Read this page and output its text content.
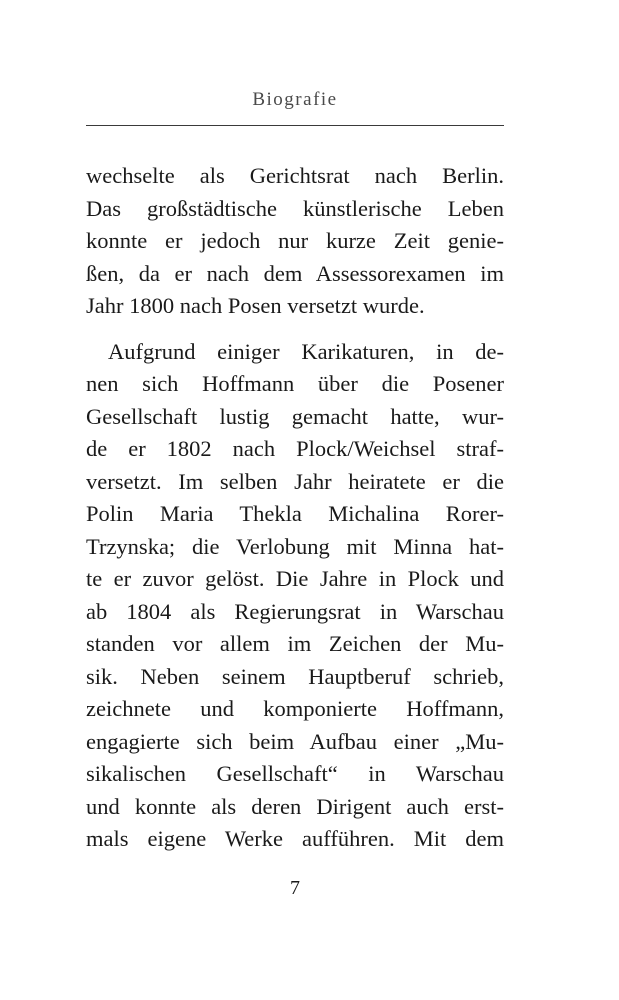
Biografie

wechselte als Gerichtsrat nach Berlin.
Das großstädtische künstlerische Leben
konnte er jedoch nur kurze Zeit genie-
ßen, da er nach dem Assessorexamen im
Jahr 1800 nach Posen versetzt wurde.

Aufgrund einiger Karikaturen, in de-
nen sich Hoffmann über die Posener
Gesellschaft lustig gemacht hatte, wur-
de er 1802 nach Plock/Weichsel straf-
versetzt. Im selben Jahr heiratete er die
Polin Maria Thekla Michalina Rorer-
Trzynska; die Verlobung mit Minna hat-
te er zuvor gelöst. Die Jahre in Plock und
ab 1804 als Regierungsrat in Warschau
standen vor allem im Zeichen der Mu-
sik. Neben seinem Hauptberuf schrieb,
zeichnete und komponierte Hoffmann,
engagierte sich beim Aufbau einer „Mu-
sikalischen Gesellschaft“ in Warschau
und konnte als deren Dirigent auch erst-
mals eigene Werke aufführen. Mit dem

7
